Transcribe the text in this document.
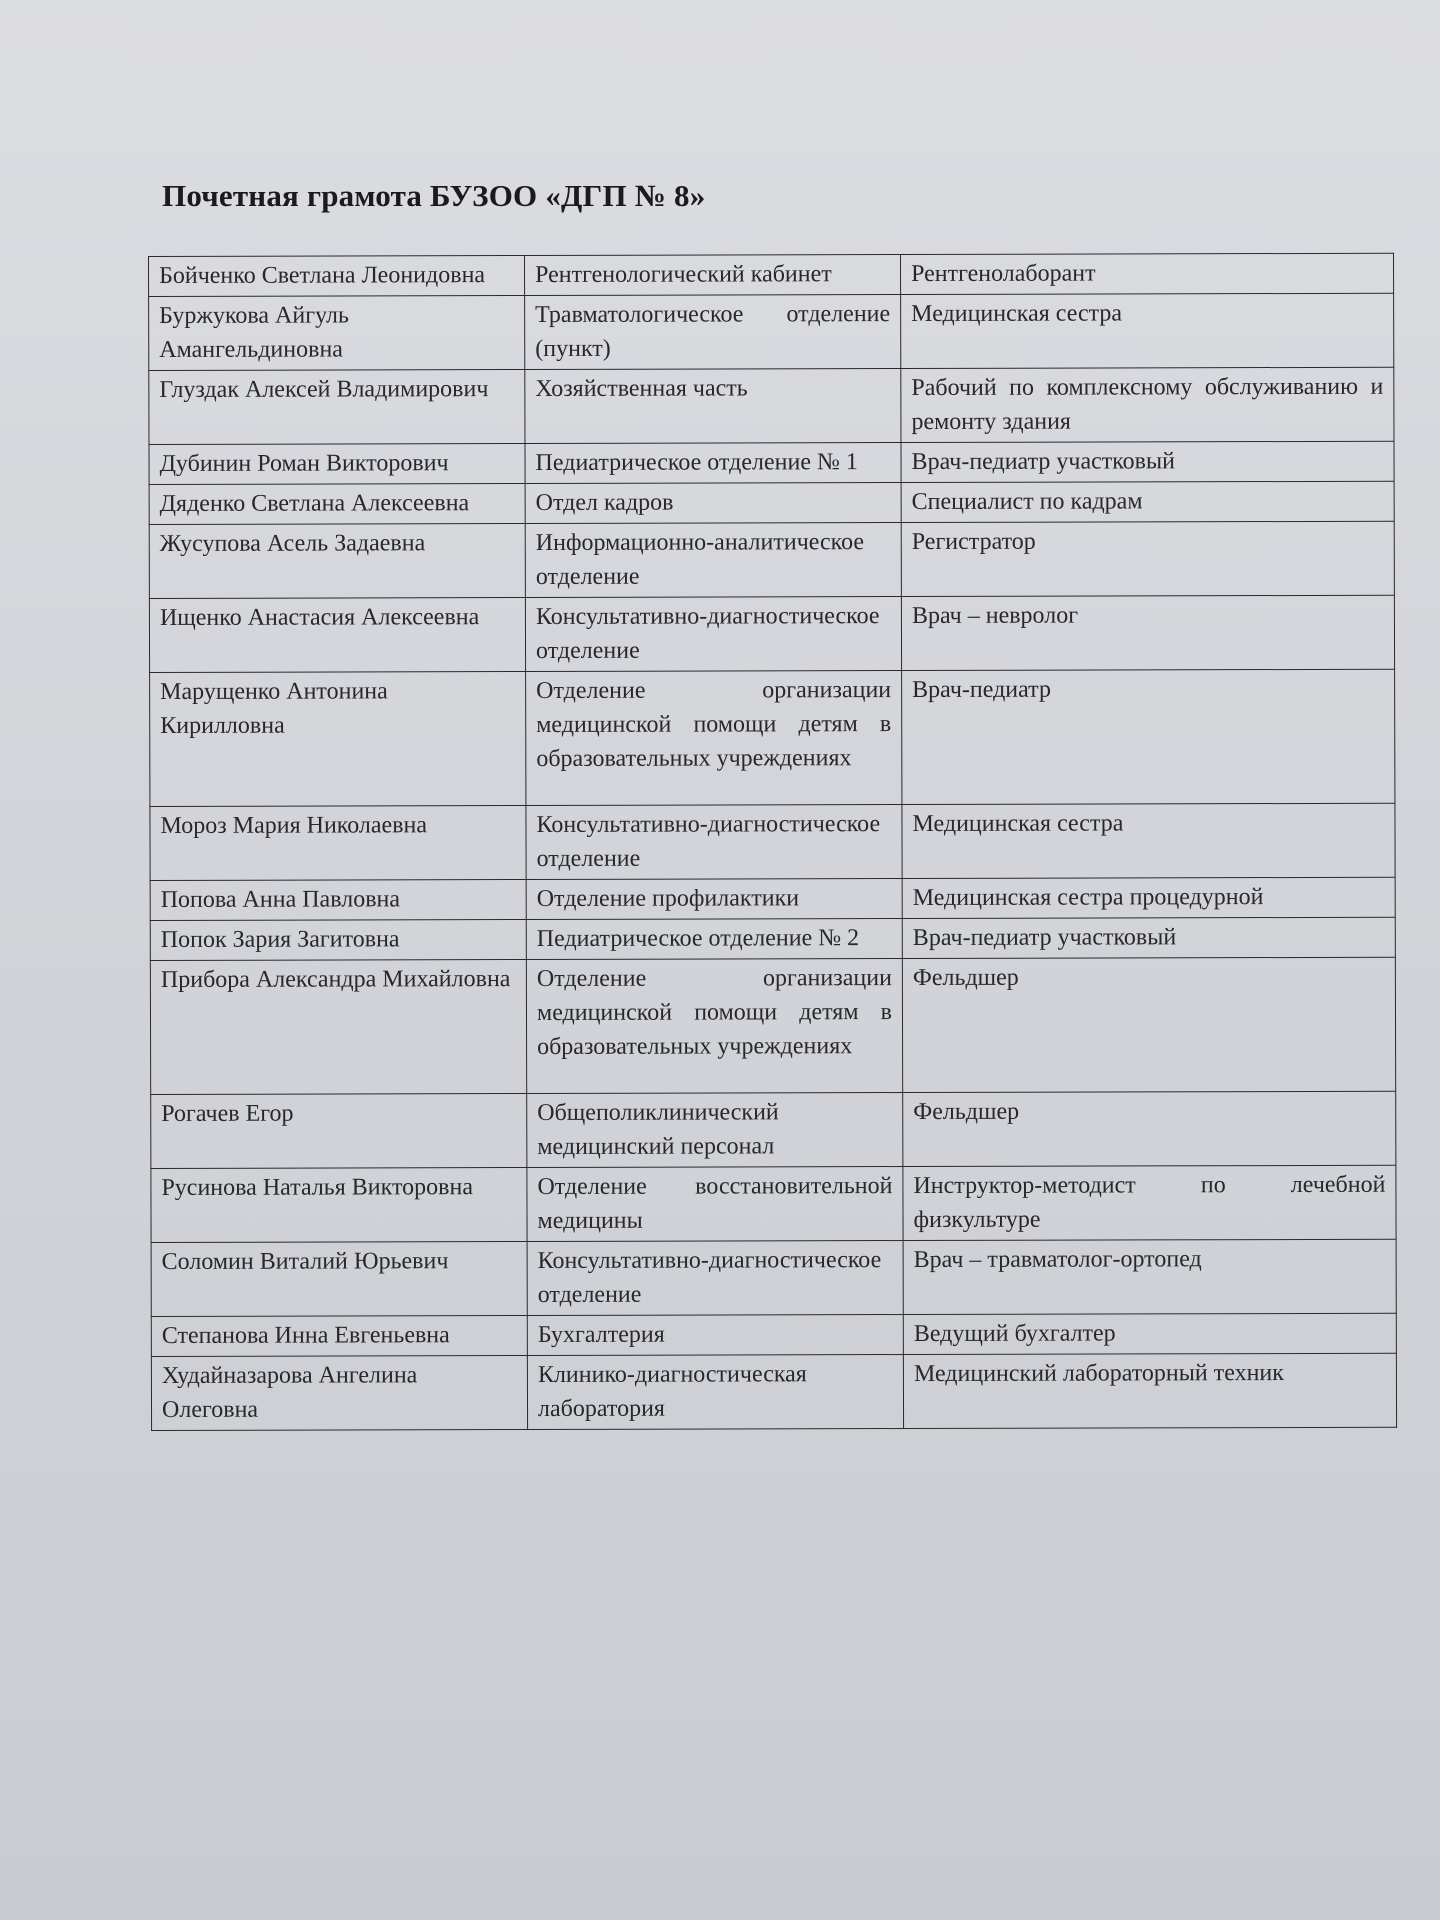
Почетная грамота БУЗОО «ДГП № 8»
Бойченко Светлана Леонидовна	Рентгенологический кабинет	Рентгенолаборант
Буржукова Айгуль Амангельдиновна	Травматологическое отделение (пункт)	Медицинская сестра
Глуздак Алексей Владимирович	Хозяйственная часть	Рабочий по комплексному обслуживанию и ремонту здания
Дубинин Роман Викторович	Педиатрическое отделение № 1	Врач-педиатр участковый
Дяденко Светлана Алексеевна	Отдел кадров	Специалист по кадрам
Жусупова Асель Задаевна	Информационно-аналитическое отделение	Регистратор
Ищенко Анастасия Алексеевна	Консультативно-диагностическое отделение	Врач – невролог
Марущенко Антонина Кирилловна	Отделение организации медицинской помощи детям в образовательных учреждениях	Врач-педиатр
Мороз Мария Николаевна	Консультативно-диагностическое отделение	Медицинская сестра
Попова Анна Павловна	Отделение профилактики	Медицинская сестра процедурной
Попок Зария Загитовна	Педиатрическое отделение № 2	Врач-педиатр участковый
Прибора Александра Михайловна	Отделение организации медицинской помощи детям в образовательных учреждениях	Фельдшер
Рогачев Егор	Общеполиклинический медицинский персонал	Фельдшер
Русинова Наталья Викторовна	Отделение восстановительной медицины	Инструктор-методист по лечебной физкультуре
Соломин Виталий Юрьевич	Консультативно-диагностическое отделение	Врач – травматолог-ортопед
Степанова Инна Евгеньевна	Бухгалтерия	Ведущий бухгалтер
Худайназарова Ангелина Олеговна	Клинико-диагностическая лаборатория	Медицинский лабораторный техник
